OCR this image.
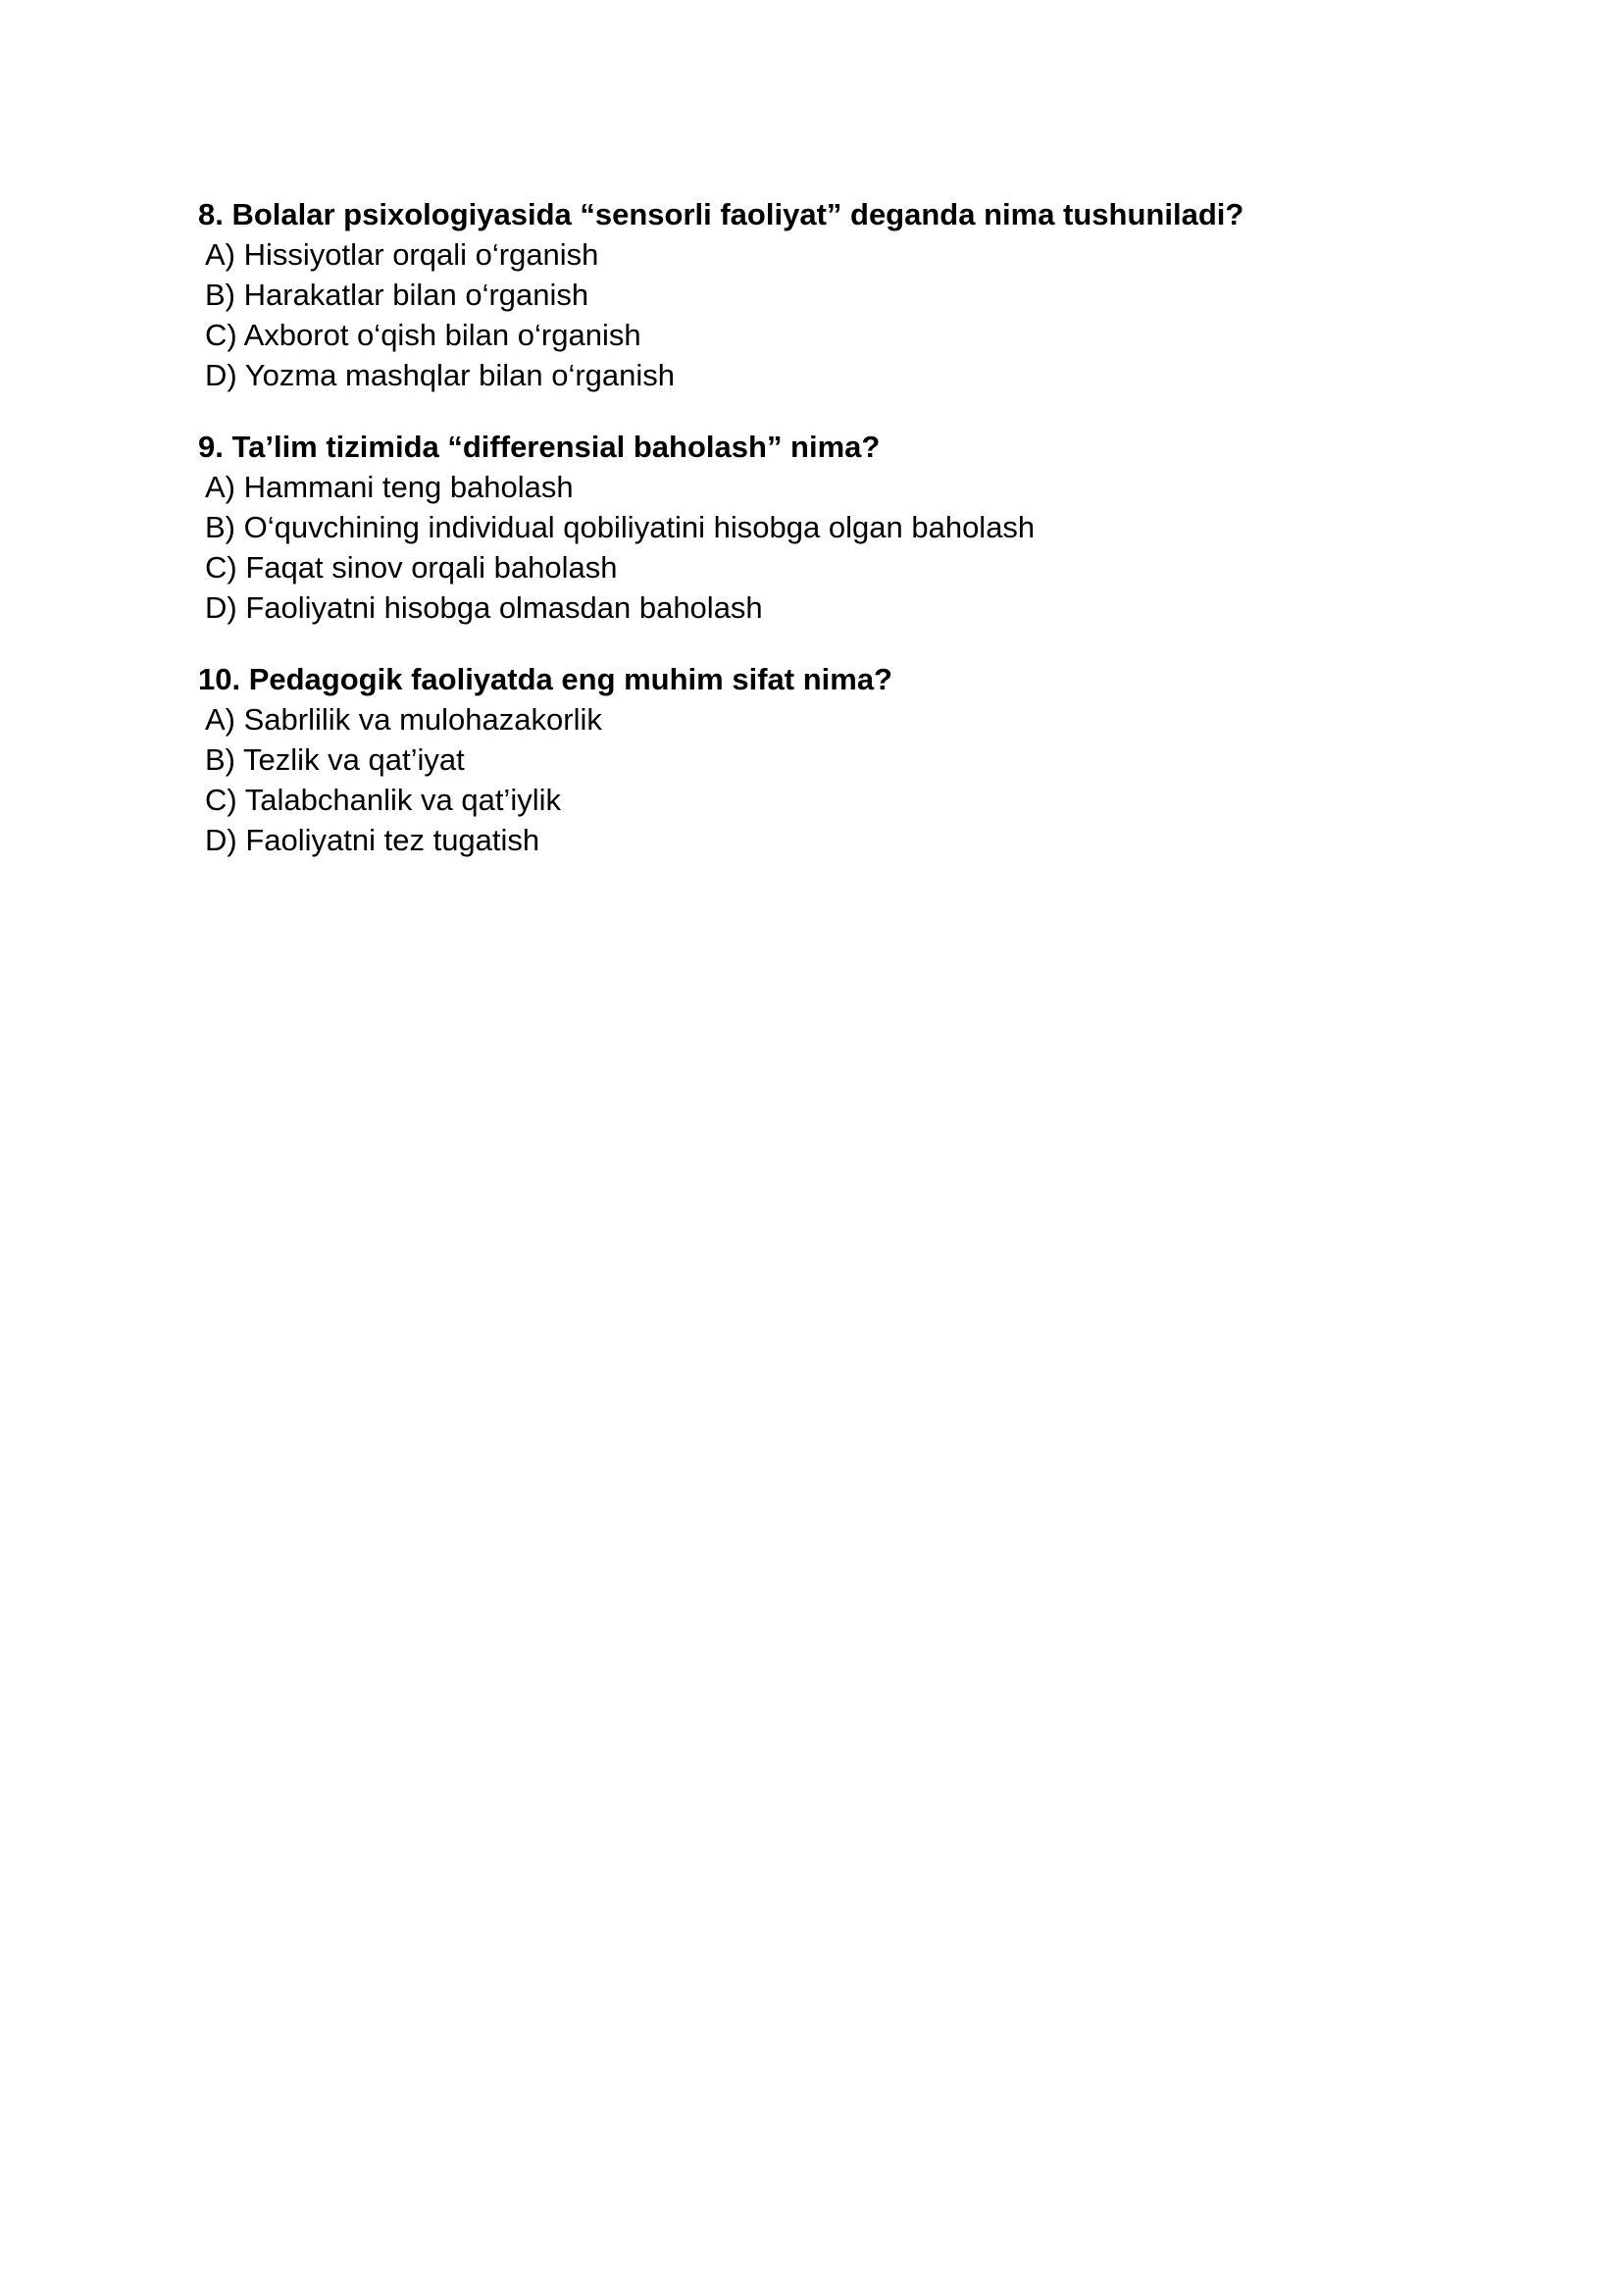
8. Bolalar psixologiyasida “sensorli faoliyat” deganda nima tushuniladi?
A) Hissiyotlar orqali o‘rganish
B) Harakatlar bilan o‘rganish
C) Axborot o‘qish bilan o‘rganish
D) Yozma mashqlar bilan o‘rganish
9. Ta’lim tizimida “differensial baholash” nima?
A) Hammani teng baholash
B) O‘quvchining individual qobiliyatini hisobga olgan baholash
C) Faqat sinov orqali baholash
D) Faoliyatni hisobga olmasdan baholash
10. Pedagogik faoliyatda eng muhim sifat nima?
A) Sabrlilik va mulohazakorlik
B) Tezlik va qat’iyat
C) Talabchanlik va qat’iylik
D) Faoliyatni tez tugatish
